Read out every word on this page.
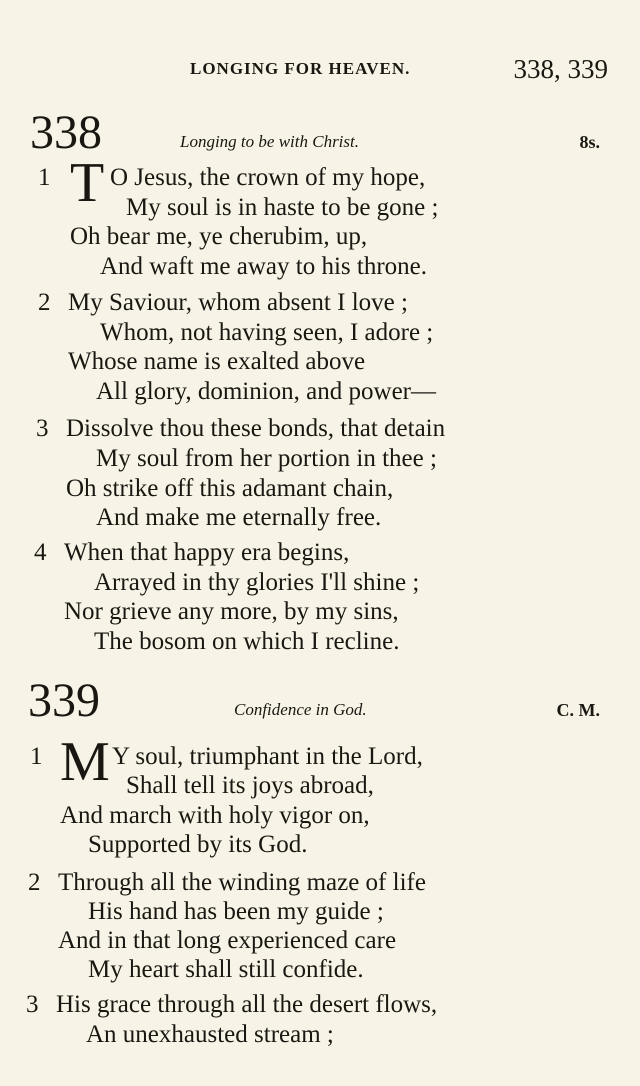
LONGING FOR HEAVEN.	338, 339
338	Longing to be with Christ.	8s.
1 T O Jesus, the crown of my hope,
My soul is in haste to be gone ;
Oh bear me, ye cherubim, up,
And waft me away to his throne.
2 My Saviour, whom absent I love ;
Whom, not having seen, I adore ;
Whose name is exalted above
All glory, dominion, and power—
3 Dissolve thou these bonds, that detain
My soul from her portion in thee ;
Oh strike off this adamant chain,
And make me eternally free.
4 When that happy era begins,
Arrayed in thy glories I'll shine ;
Nor grieve any more, by my sins,
The bosom on which I recline.
339	Confidence in God.	C. M.
1 M Y soul, triumphant in the Lord,
Shall tell its joys abroad,
And march with holy vigor on,
Supported by its God.
2 Through all the winding maze of life
His hand has been my guide ;
And in that long experienced care
My heart shall still confide.
3 His grace through all the desert flows,
An unexhausted stream ;
